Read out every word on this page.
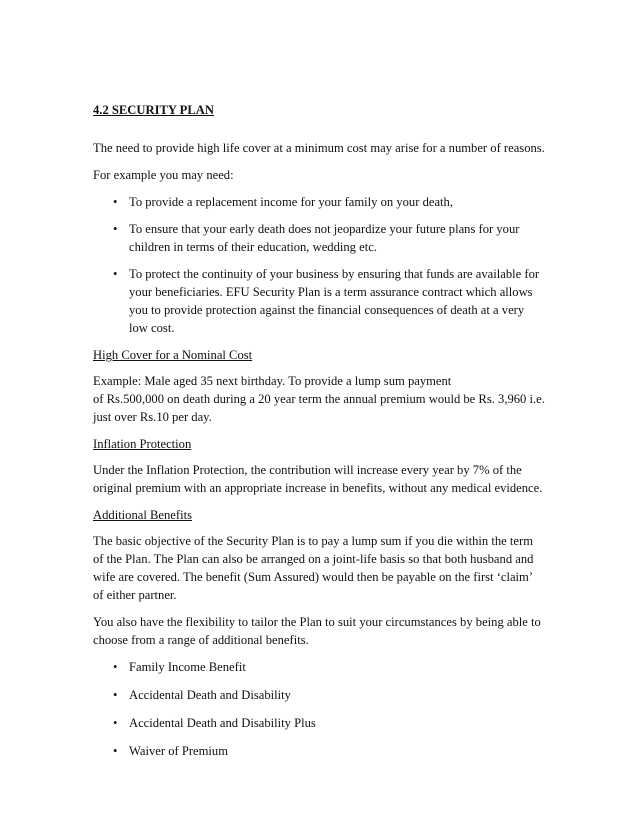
4.2 SECURITY PLAN

The need to provide high life cover at a minimum cost may arise for a number of reasons.
For example you may need:
• To provide a replacement income for your family on your death,
• To ensure that your early death does not jeopardize your future plans for your
children in terms of their education, wedding etc.
• To protect the continuity of your business by ensuring that funds are available for
your beneficiaries. EFU Security Plan is a term assurance contract which allows
you to provide protection against the financial consequences of death at a very
low cost.

High Cover for a Nominal Cost

Example: Male aged 35 next birthday. To provide a lump sum payment
of Rs.500,000 on death during a 20 year term the annual premium would be Rs. 3,960 i.e.
just over Rs.10 per day.

Inflation Protection

Under the Inflation Protection, the contribution will increase every year by 7% of the
original premium with an appropriate increase in benefits, without any medical evidence.

Additional Benefits

The basic objective of the Security Plan is to pay a lump sum if you die within the term
of the Plan. The Plan can also be arranged on a joint-life basis so that both husband and
wife are covered. The benefit (Sum Assured) would then be payable on the first ‘claim’
of either partner.
You also have the flexibility to tailor the Plan to suit your circumstances by being able to
choose from a range of additional benefits.
• Family Income Benefit
• Accidental Death and Disability
• Accidental Death and Disability Plus
• Waiver of Premium
